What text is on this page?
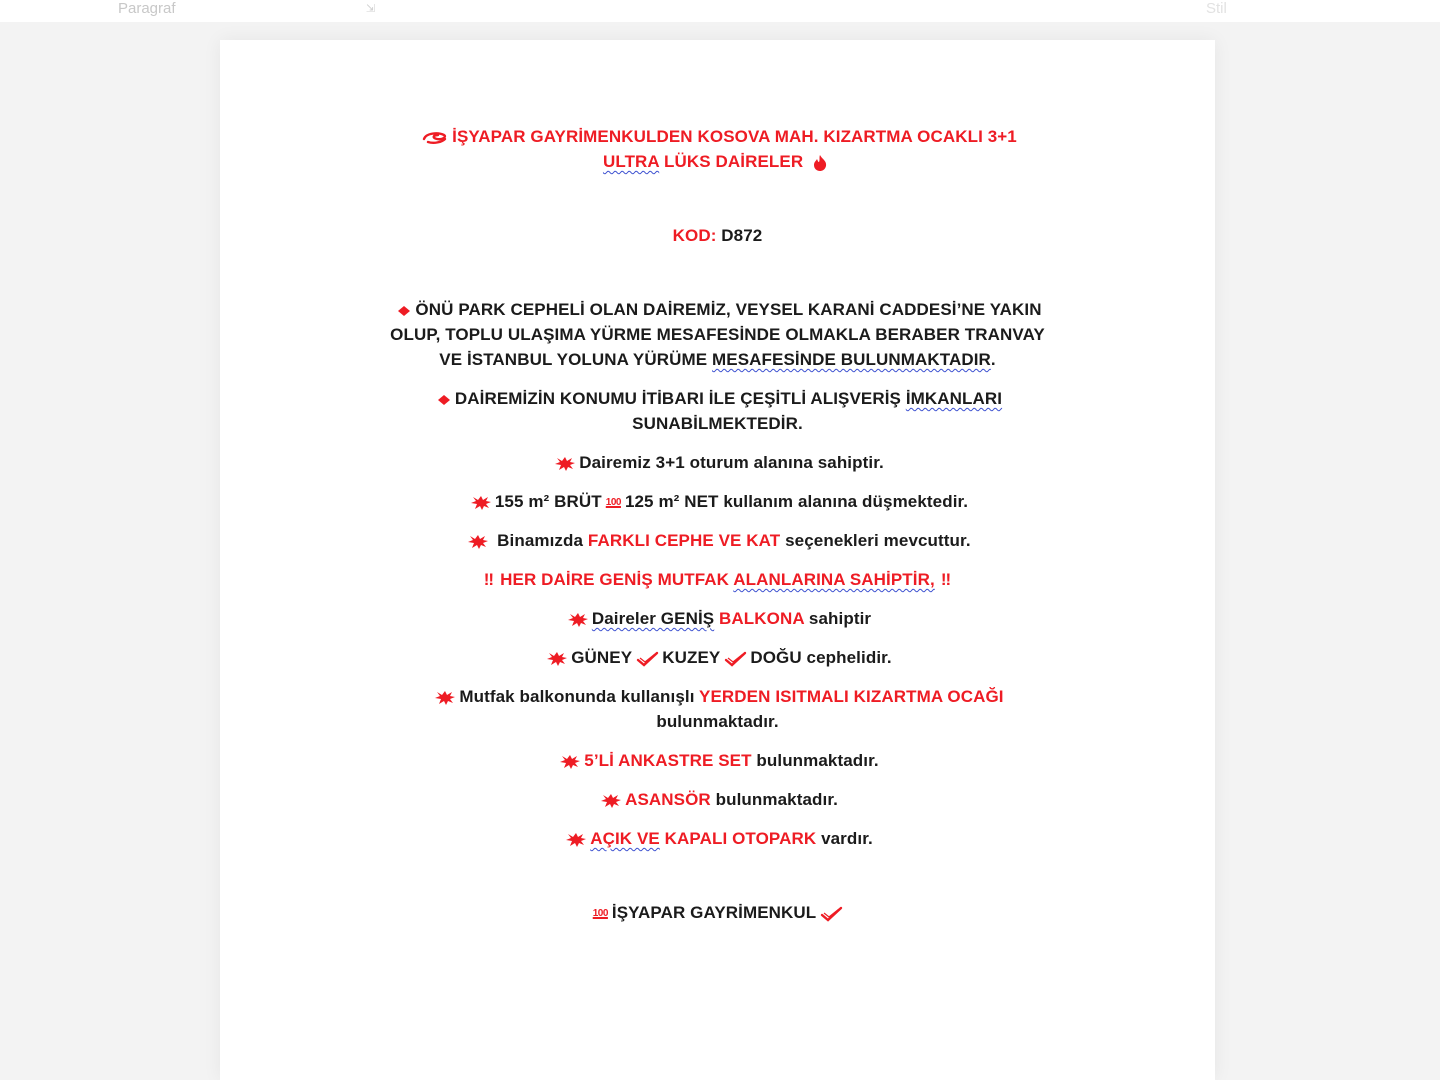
Paragraf	⇲	Stil

İŞYAPAR GAYRİMENKULDEN KOSOVA MAH. KIZARTMA OCAKLI 3+1

ULTRA LÜKS DAİRELER

KOD: D872

ÖNÜ PARK CEPHELİ OLAN DAİREMİZ, VEYSEL KARANİ CADDESİ’NE YAKIN

OLUP, TOPLU ULAŞIMA YÜRME MESAFESİNDE OLMAKLA BERABER TRANVAY

VE İSTANBUL YOLUNA YÜRÜME MESAFESİNDE BULUNMAKTADIR.

DAİREMİZİN KONUMU İTİBARI İLE ÇEŞİTLİ ALIŞVERİŞ İMKANLARI

SUNABİLMEKTEDİR.

Dairemiz 3+1 oturum alanına sahiptir.

155 m² BRÜT 100 125 m² NET kullanım alanına düşmektedir.

Binamızda FARKLI CEPHE VE KAT seçenekleri mevcuttur.

‼ HER DAİRE GENİŞ MUTFAK ALANLARINA SAHİPTİR, ‼

Daireler GENİŞ BALKONA sahiptir

GÜNEY KUZEY DOĞU cephelidir.

Mutfak balkonunda kullanışlı YERDEN ISITMALI KIZARTMA OCAĞI

bulunmaktadır.

5’Lİ ANKASTRE SET bulunmaktadır.

ASANSÖR bulunmaktadır.

AÇIK VE KAPALI OTOPARK vardır.

100 İŞYAPAR GAYRİMENKUL
